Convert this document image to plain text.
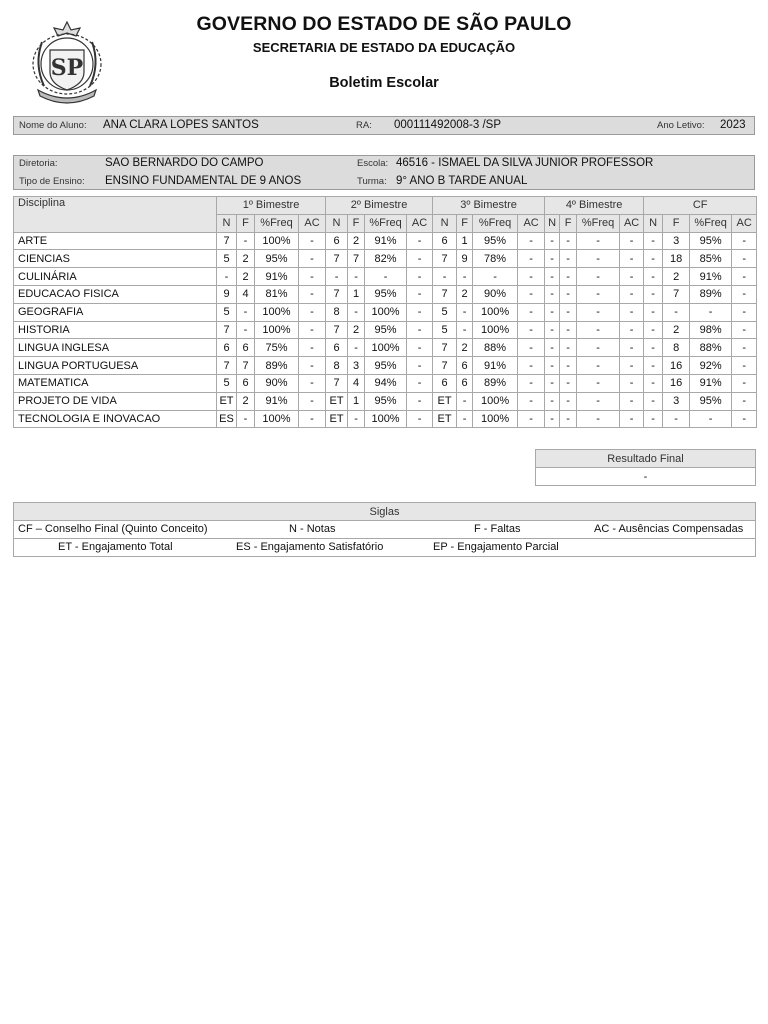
SP
GOVERNO DO ESTADO DE SÃO PAULO
SECRETARIA DE ESTADO DA EDUCAÇÃO
Boletim Escolar
Nome do Aluno: ANA CLARA LOPES SANTOS	RA: 000111492008-3 /SP	Ano Letivo: 2023
Diretoria:	SAO BERNARDO DO CAMPO	Escola: 46516 - ISMAEL DA SILVA JUNIOR PROFESSOR
Tipo de Ensino: ENSINO FUNDAMENTAL DE 9 ANOS	Turma: 9° ANO B TARDE ANUAL
Disciplina	1º Bimestre				2º Bimestre				3º Bimestre				4º Bimestre				CF			
	N	F	%Freq	AC	N	F	%Freq	AC	N	F	%Freq	AC	N	F	%Freq	AC	N	F	%Freq	AC
ARTE	7	-	100%	-	6	2	91%	-	6	1	95%	-	-	-	-	-	-	3	95%	-
CIENCIAS	5	2	95%	-	7	7	82%	-	7	9	78%	-	-	-	-	-	-	18	85%	-
CULINÁRIA	-	2	91%	-	-	-	-	-	-	-	-	-	-	-	-	-	-	2	91%	-
EDUCACAO FISICA	9	4	81%	-	7	1	95%	-	7	2	90%	-	-	-	-	-	-	7	89%	-
GEOGRAFIA	5	-	100%	-	8	-	100%	-	5	-	100%	-	-	-	-	-	-	-	-	-
HISTORIA	7	-	100%	-	7	2	95%	-	5	-	100%	-	-	-	-	-	-	2	98%	-
LINGUA INGLESA	6	6	75%	-	6	-	100%	-	7	2	88%	-	-	-	-	-	-	8	88%	-
LINGUA PORTUGUESA	7	7	89%	-	8	3	95%	-	7	6	91%	-	-	-	-	-	-	16	92%	-
MATEMATICA	5	6	90%	-	7	4	94%	-	6	6	89%	-	-	-	-	-	-	16	91%	-
PROJETO DE VIDA	ET	2	91%	-	ET	1	95%	-	ET	-	100%	-	-	-	-	-	-	3	95%	-
TECNOLOGIA E INOVACAO	ES	-	100%	-	ET	-	100%	-	ET	-	100%	-	-	-	-	-	-	-	-	-
Resultado Final
-
Siglas

CF – Conselho Final (Quinto Conceito)	N - Notas	F - Faltas	AC - Ausências Compensadas

ET - Engajamento Total	ES - Engajamento Satisfatório	EP - Engajamento Parcial
